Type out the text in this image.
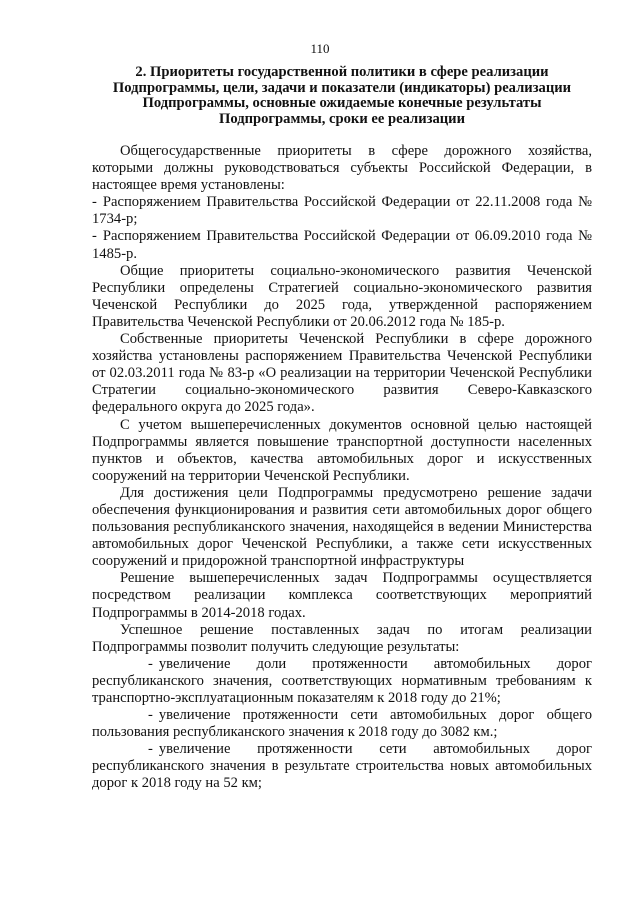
110
2. Приоритеты государственной политики в сфере реализации
Подпрограммы, цели, задачи и показатели (индикаторы) реализации
Подпрограммы, основные ожидаемые конечные результаты
Подпрограммы, сроки ее реализации

Общегосударственные приоритеты в сфере дорожного хозяйства, которыми должны руководствоваться субъекты Российской Федерации, в настоящее время установлены:

- Распоряжением Правительства Российской Федерации от 22.11.2008 года № 1734-р;

- Распоряжением Правительства Российской Федерации от 06.09.2010 года № 1485-р.

Общие приоритеты социально-экономического развития Чеченской Республики определены Стратегией социально-экономического развития Чеченской Республики до 2025 года, утвержденной распоряжением Правительства Чеченской Республики от 20.06.2012 года № 185-р.

Собственные приоритеты Чеченской Республики в сфере дорожного хозяйства установлены распоряжением Правительства Чеченской Республики от 02.03.2011 года № 83-р «О реализации на территории Чеченской Республики Стратегии социально-экономического развития Северо-Кавказского федерального округа до 2025 года».

С учетом вышеперечисленных документов основной целью настоящей Подпрограммы является повышение транспортной доступности населенных пунктов и объектов, качества автомобильных дорог и искусственных сооружений на территории Чеченской Республики.

Для достижения цели Подпрограммы предусмотрено решение задачи обеспечения функционирования и развития сети автомобильных дорог общего пользования республиканского значения, находящейся в ведении Министерства автомобильных дорог Чеченской Республики, а также сети искусственных сооружений и придорожной транспортной инфраструктуры

Решение вышеперечисленных задач Подпрограммы осуществляется посредством реализации комплекса соответствующих мероприятий Подпрограммы в 2014-2018 годах.

Успешное решение поставленных задач по итогам реализации Подпрограммы позволит получить следующие результаты:

- увеличение доли протяженности автомобильных дорог республиканского значения, соответствующих нормативным требованиям к транспортно-эксплуатационным показателям к 2018 году до 21%;

- увеличение протяженности сети автомобильных дорог общего пользования республиканского значения к 2018 году до 3082 км.;

- увеличение протяженности сети автомобильных дорог республиканского значения в результате строительства новых автомобильных дорог к 2018 году на 52 км;
